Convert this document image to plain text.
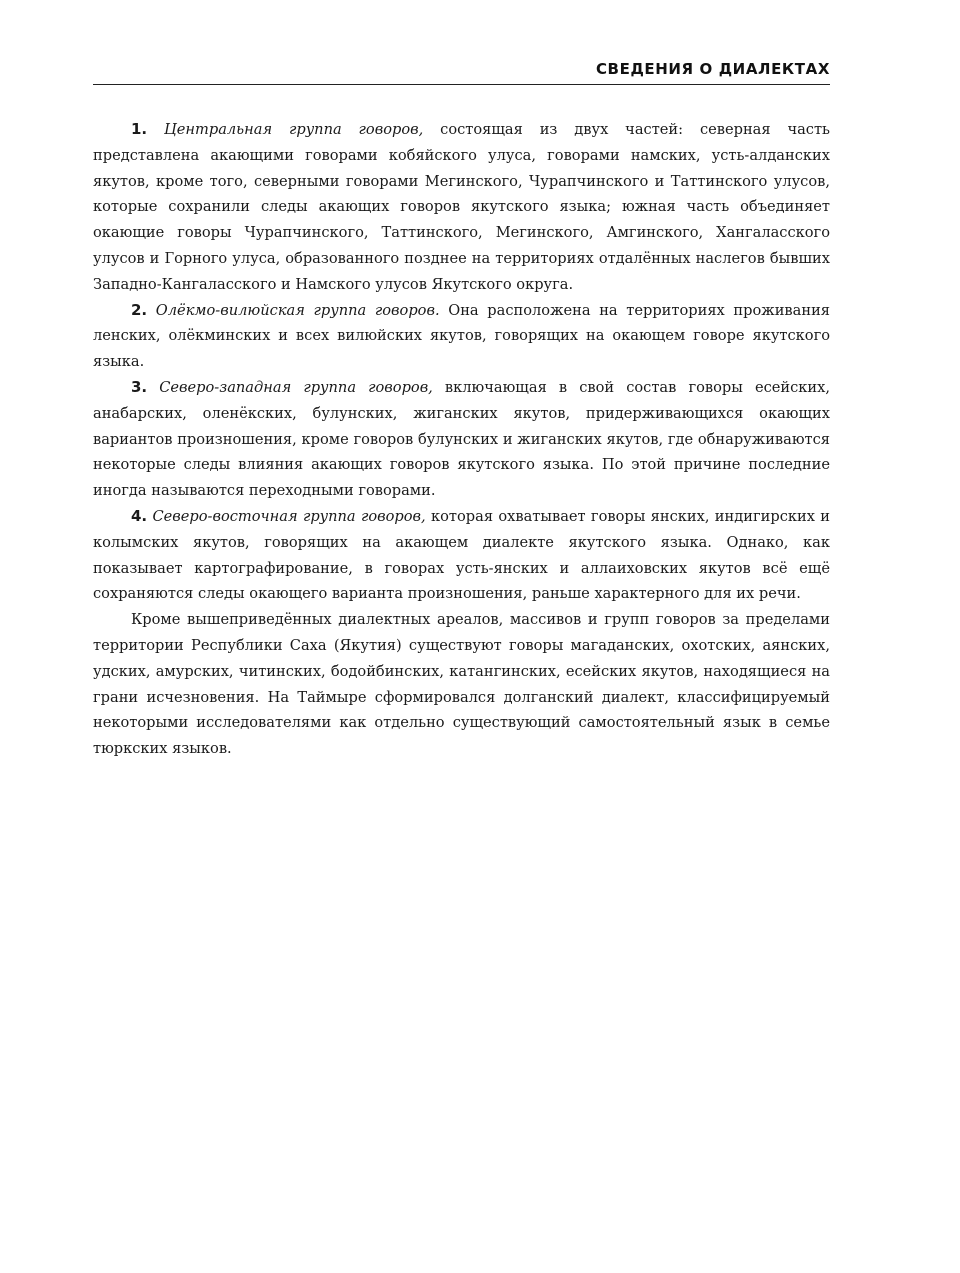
СВЕДЕНИЯ О ДИАЛЕКТАХ

1. Центральная группа говоров, состоящая из двух частей: северная часть представлена акающими говорами кобяйского улуса, говорами намских, усть-алданских якутов, кроме того, северными говорами Мегинского, Чурапчинского и Таттинского улусов, которые сохранили следы акающих говоров якутского языка; южная часть объединяет окающие говоры Чурапчинского, Таттинского, Мегинского, Амгинского, Хангаласского улусов и Горного улуса, образованного позднее на территориях отдалённых наслегов бывших Западно-Кангаласского и Намского улусов Якутского округа.

2. Олёкмо-вилюйская группа говоров. Она расположена на территориях проживания ленских, олёкминских и всех вилюйских якутов, говорящих на окающем говоре якутского языка.

3. Северо-западная группа говоров, включающая в свой состав говоры есейских, анабарских, оленёкских, булунских, жиганских якутов, придерживающихся окающих вариантов произношения, кроме говоров булунских и жиганских якутов, где обнаруживаются некоторые следы влияния акающих говоров якутского языка. По этой причине последние иногда называются переходными говорами.

4. Северо-восточная группа говоров, которая охватывает говоры янских, индигирских и колымских якутов, говорящих на акающем диалекте якутского языка. Однако, как показывает картографирование, в говорах усть-янских и аллаиховских якутов всё ещё сохраняются следы окающего варианта произношения, раньше характерного для их речи.

Кроме вышеприведённых диалектных ареалов, массивов и групп говоров за пределами территории Республики Саха (Якутия) существуют говоры магаданских, охотских, аянских, удских, амурских, читинских, бодойбинских, катангинских, есейских якутов, находящиеся на грани исчезновения. На Таймыре сформировался долганский диалект, классифицируемый некоторыми исследователями как отдельно существующий самостоятельный язык в семье тюркских языков.
